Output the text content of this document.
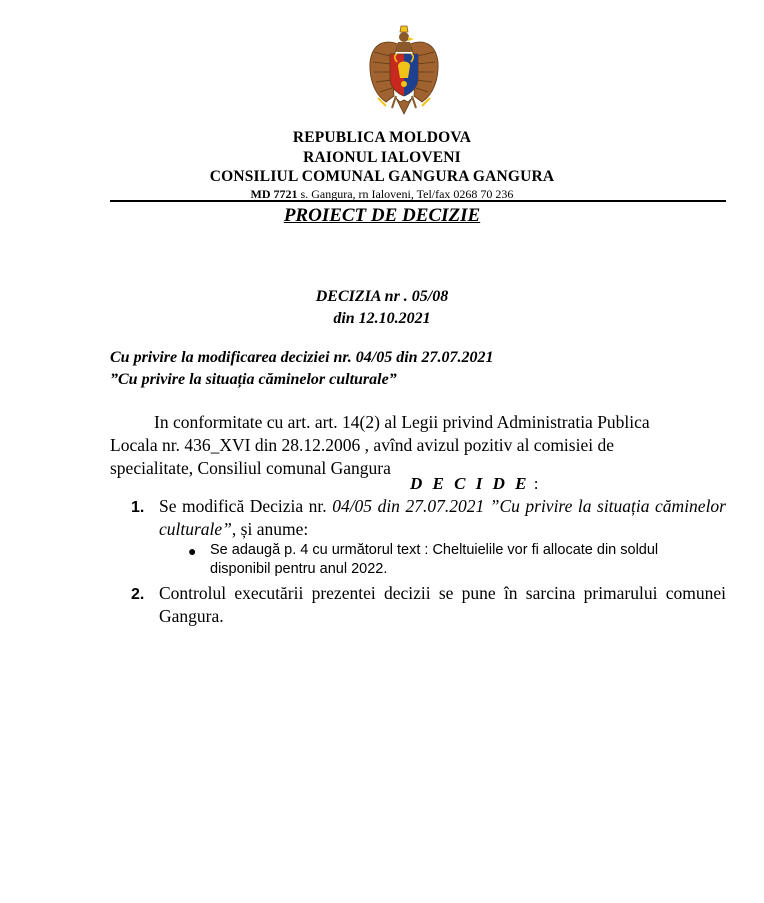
REPUBLICA MOLDOVA
RAIONUL IALOVENI
CONSILIUL COMUNAL GANGURA GANGURA
MD 7721 s. Gangura, rn Ialoveni, Tel/fax 0268 70 236
PROIECT DE DECIZIE
DECIZIA nr . 05/08
din 12.10.2021
Cu privire la modificarea deciziei nr. 04/05 din 27.07.2021
”Cu privire la situația căminelor culturale”
In conformitate cu art. art. 14(2) al Legii privind Administratia Publica
Locala nr. 436_XVI din 28.12.2006 , avînd avizul pozitiv al comisiei de
specialitate, Consiliul comunal Gangura
D E C I D E :
1. Se modifică Decizia nr. 04/05 din 27.07.2021 ”Cu privire la situația căminelor culturale”, și anume:
● Se adaugă p. 4 cu următorul text : Cheltuielile vor fi allocate din soldul disponibil pentru anul 2022.
2. Controlul executării prezentei decizii se pune în sarcina primarului comunei Gangura.
